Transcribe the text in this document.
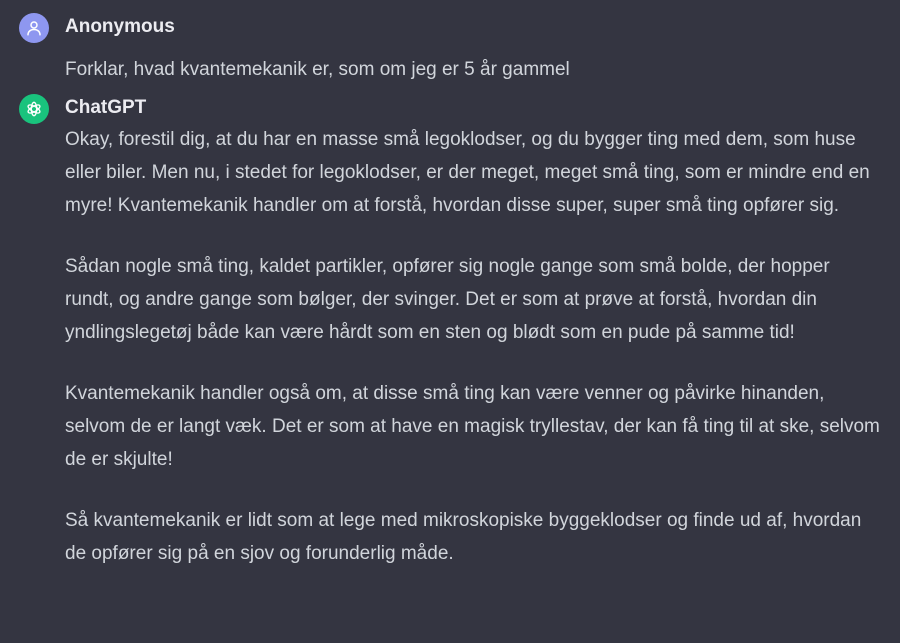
Anonymous

Forklar, hvad kvantemekanik er, som om jeg er 5 år gammel

ChatGPT

Okay, forestil dig, at du har en masse små legoklodser, og du bygger ting med dem, som huse eller biler. Men nu, i stedet for legoklodser, er der meget, meget små ting, som er mindre end en myre! Kvantemekanik handler om at forstå, hvordan disse super, super små ting opfører sig.

Sådan nogle små ting, kaldet partikler, opfører sig nogle gange som små bolde, der hopper rundt, og andre gange som bølger, der svinger. Det er som at prøve at forstå, hvordan din yndlingslegetøj både kan være hårdt som en sten og blødt som en pude på samme tid!

Kvantemekanik handler også om, at disse små ting kan være venner og påvirke hinanden, selvom de er langt væk. Det er som at have en magisk tryllestav, der kan få ting til at ske, selvom de er skjulte!

Så kvantemekanik er lidt som at lege med mikroskopiske byggeklodser og finde ud af, hvordan de opfører sig på en sjov og forunderlig måde.
